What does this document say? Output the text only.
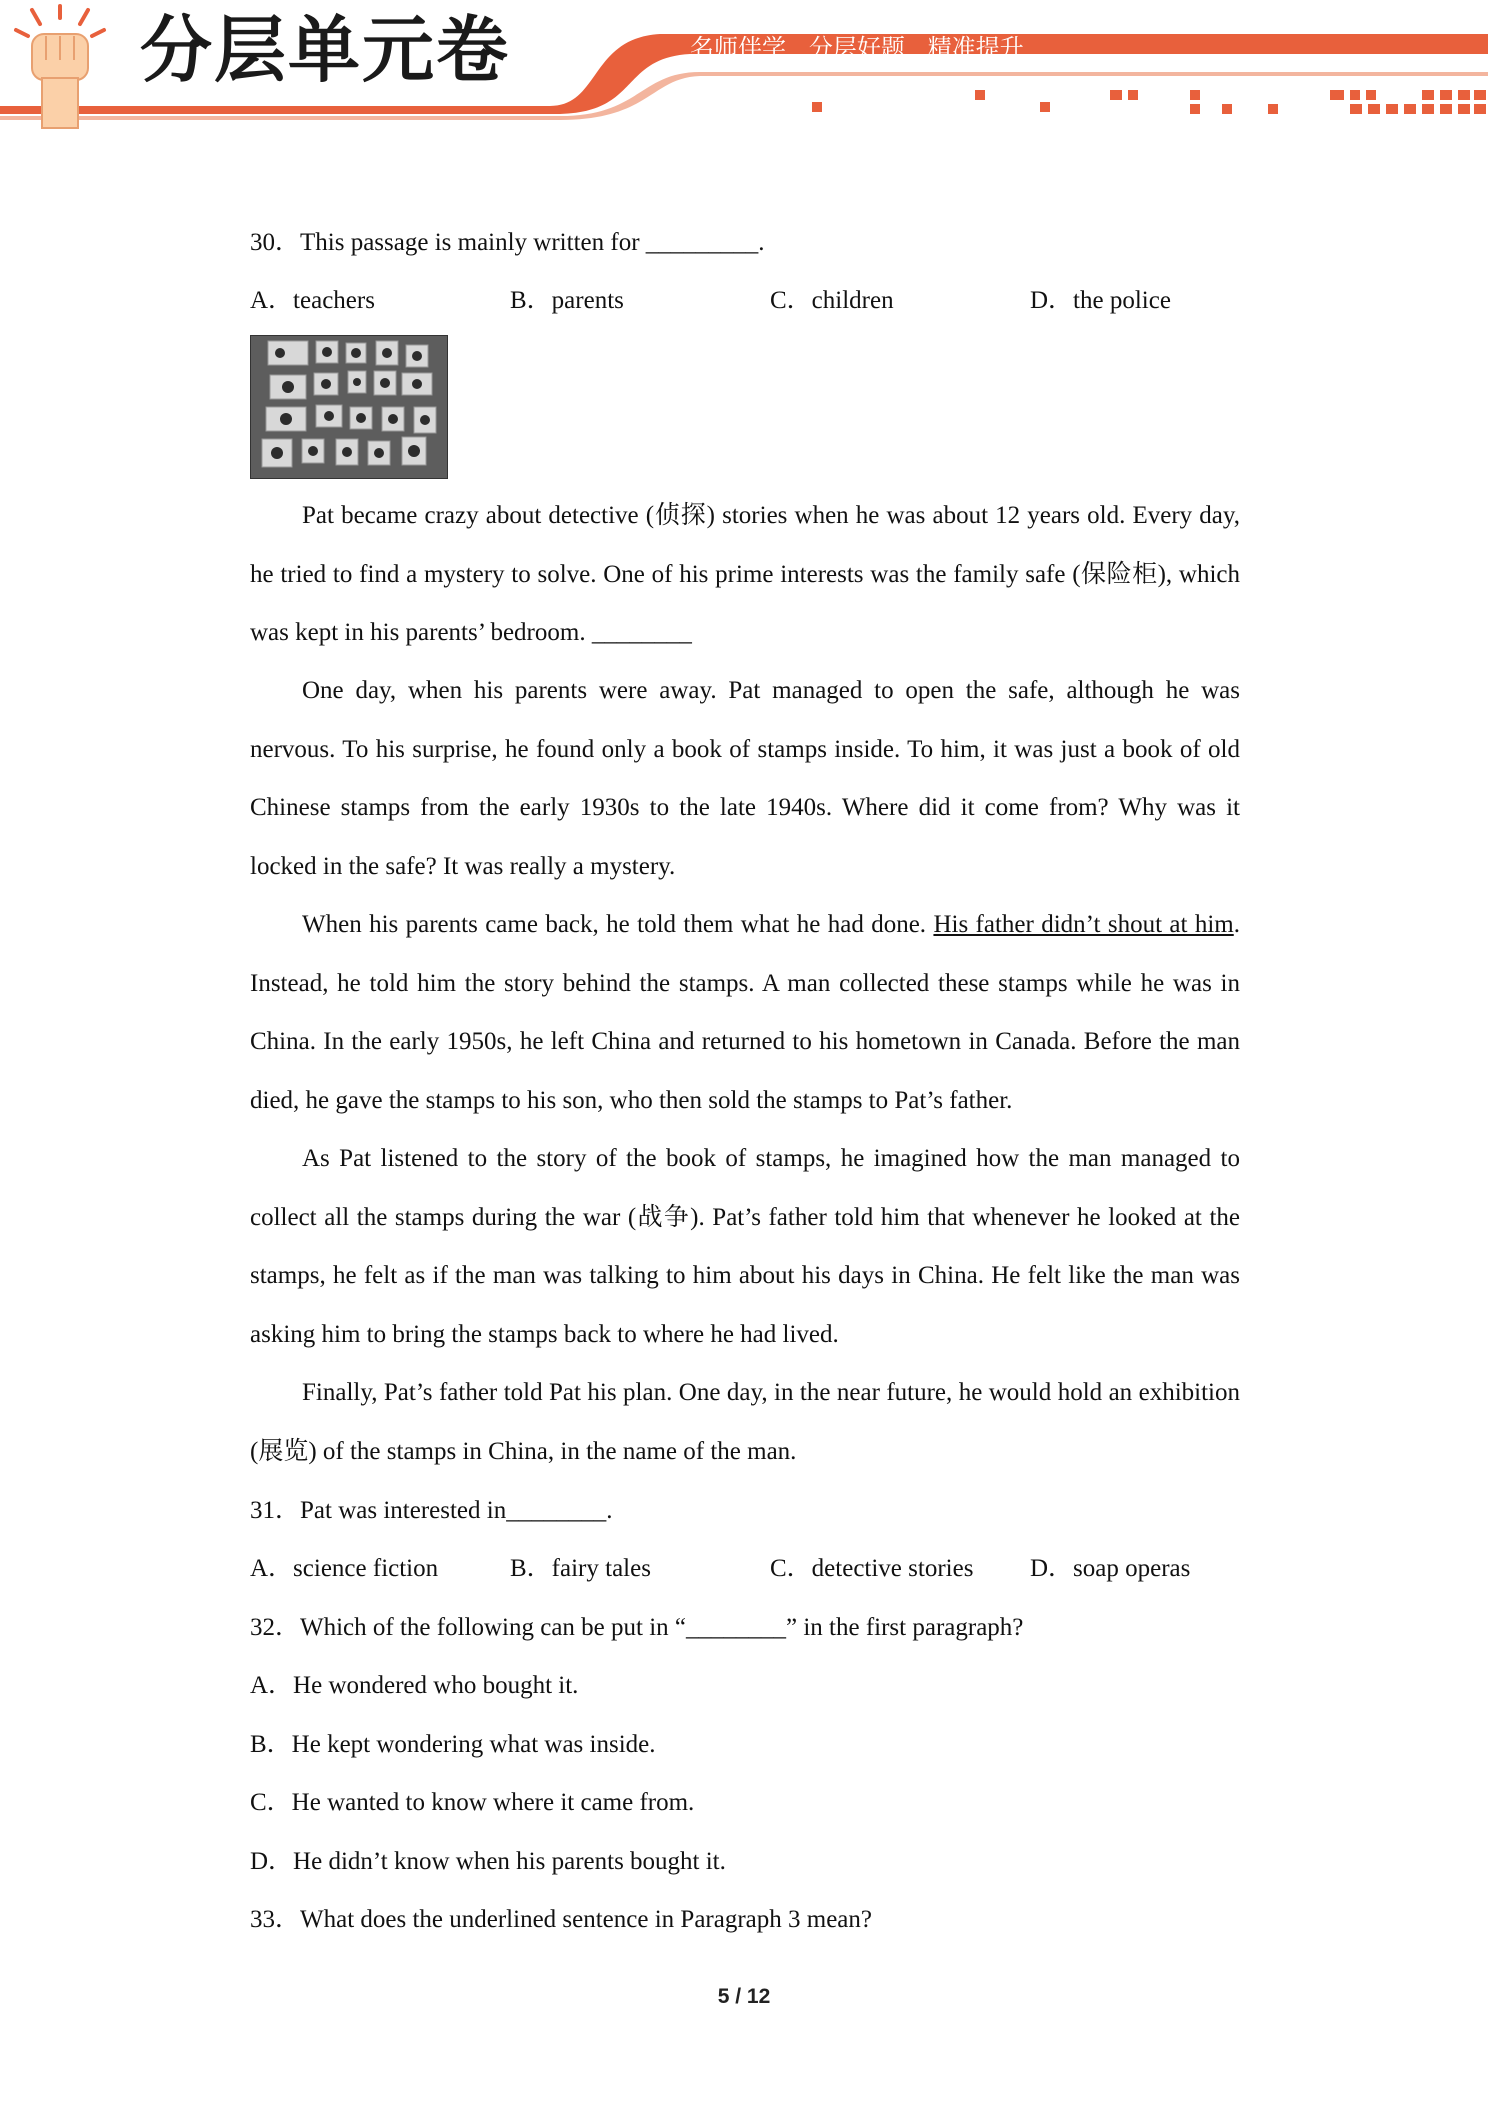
分层单元卷	名师伴学   分层好题   精准提升
30．This passage is mainly written for _________.
A．teachers	B．parents	C．children	D．the police
Pat became crazy about detective (侦探) stories when he was about 12 years old. Every day, he tried to find a mystery to solve. One of his prime interests was the family safe (保险柜), which was kept in his parents’ bedroom. ________
One day, when his parents were away. Pat managed to open the safe, although he was nervous. To his surprise, he found only a book of stamps inside. To him, it was just a book of old Chinese stamps from the early 1930s to the late 1940s. Where did it come from? Why was it locked in the safe? It was really a mystery.
When his parents came back, he told them what he had done. His father didn’t shout at him. Instead, he told him the story behind the stamps. A man collected these stamps while he was in China. In the early 1950s, he left China and returned to his hometown in Canada. Before the man died, he gave the stamps to his son, who then sold the stamps to Pat’s father.
As Pat listened to the story of the book of stamps, he imagined how the man managed to collect all the stamps during the war (战争). Pat’s father told him that whenever he looked at the stamps, he felt as if the man was talking to him about his days in China. He felt like the man was asking him to bring the stamps back to where he had lived.
Finally, Pat’s father told Pat his plan. One day, in the near future, he would hold an exhibition (展览) of the stamps in China, in the name of the man.
31．Pat was interested in________.
A．science fiction	B．fairy tales	C．detective stories D．soap operas
32．Which of the following can be put in “________” in the first paragraph?
A．He wondered who bought it.
B．He kept wondering what was inside.
C．He wanted to know where it came from.
D．He didn’t know when his parents bought it.
33．What does the underlined sentence in Paragraph 3 mean?
5 / 12
